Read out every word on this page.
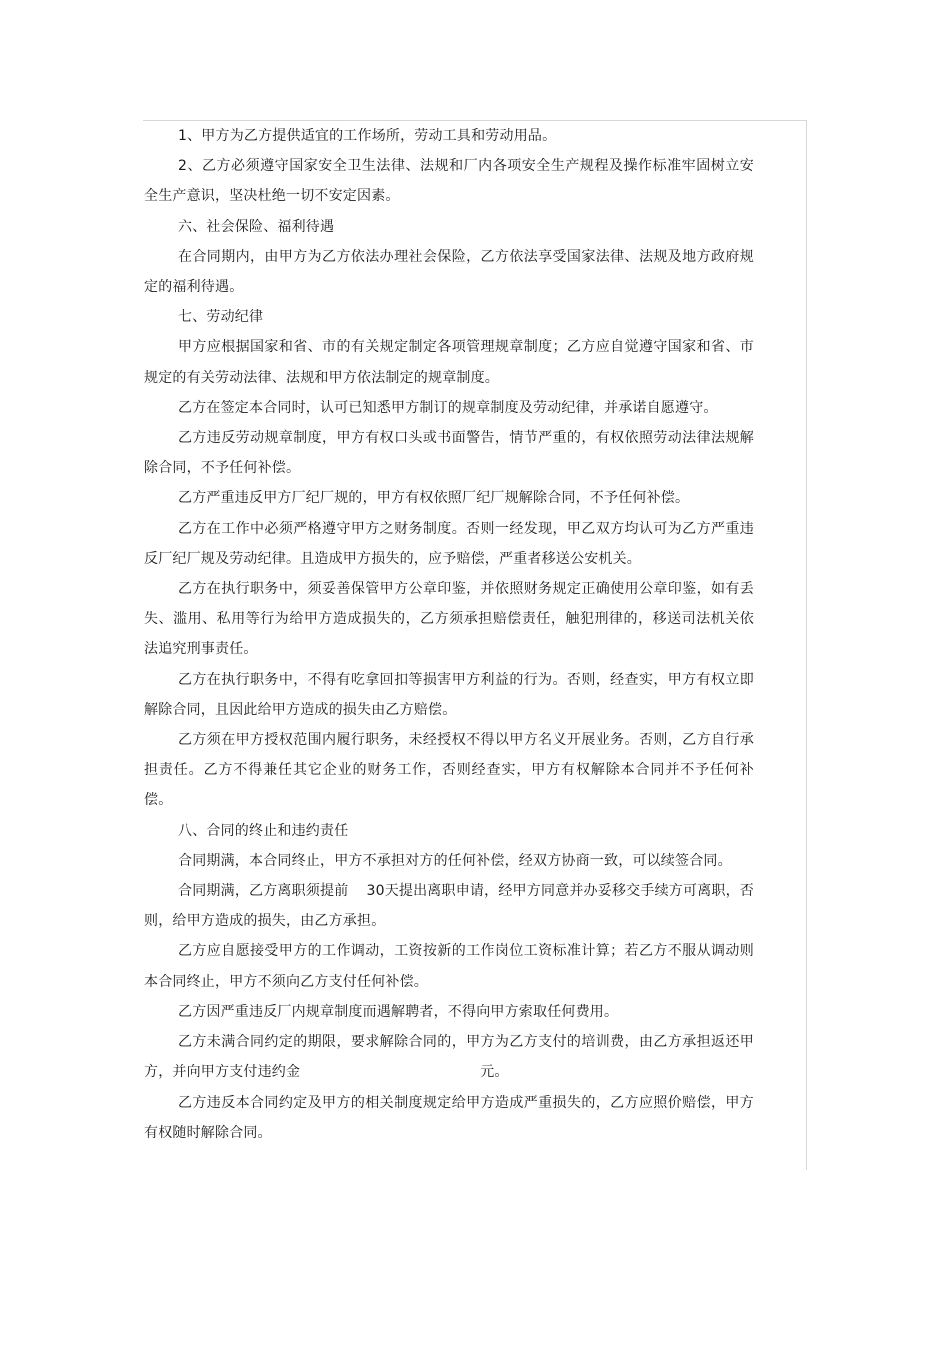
1、甲方为乙方提供适宜的工作场所，劳动工具和劳动用品。

2、乙方必须遵守国家安全卫生法律、法规和厂内各项安全生产规程及操作标准牢固树立安全生产意识，坚决杜绝一切不安定因素。

六、社会保险、福利待遇

在合同期内，由甲方为乙方依法办理社会保险，乙方依法享受国家法律、法规及地方政府规定的福利待遇。

七、劳动纪律

甲方应根据国家和省、市的有关规定制定各项管理规章制度；乙方应自觉遵守国家和省、市规定的有关劳动法律、法规和甲方依法制定的规章制度。

乙方在签定本合同时，认可已知悉甲方制订的规章制度及劳动纪律，并承诺自愿遵守。

乙方违反劳动规章制度，甲方有权口头或书面警告，情节严重的，有权依照劳动法律法规解除合同，不予任何补偿。

乙方严重违反甲方厂纪厂规的，甲方有权依照厂纪厂规解除合同，不予任何补偿。

乙方在工作中必须严格遵守甲方之财务制度。否则一经发现，甲乙双方均认可为乙方严重违反厂纪厂规及劳动纪律。且造成甲方损失的，应予赔偿，严重者移送公安机关。

乙方在执行职务中，须妥善保管甲方公章印鉴，并依照财务规定正确使用公章印鉴，如有丢失、滥用、私用等行为给甲方造成损失的，乙方须承担赔偿责任，触犯刑律的，移送司法机关依法追究刑事责任。

乙方在执行职务中，不得有吃拿回扣等损害甲方利益的行为。否则，经查实，甲方有权立即解除合同，且因此给甲方造成的损失由乙方赔偿。

乙方须在甲方授权范围内履行职务，未经授权不得以甲方名义开展业务。否则，乙方自行承担责任。乙方不得兼任其它企业的财务工作，否则经查实，甲方有权解除本合同并不予任何补偿。

八、合同的终止和违约责任

合同期满，本合同终止，甲方不承担对方的任何补偿，经双方协商一致，可以续签合同。

合同期满，乙方离职须提前 30天提出离职申请，经甲方同意并办妥移交手续方可离职，否则，给甲方造成的损失，由乙方承担。

乙方应自愿接受甲方的工作调动，工资按新的工作岗位工资标准计算；若乙方不服从调动则本合同终止，甲方不须向乙方支付任何补偿。

乙方因严重违反厂内规章制度而遇解聘者，不得向甲方索取任何费用。

乙方未满合同约定的期限，要求解除合同的，甲方为乙方支付的培训费，由乙方承担返还甲方，并向甲方支付违约金	元。

乙方违反本合同约定及甲方的相关制度规定给甲方造成严重损失的，乙方应照价赔偿，甲方有权随时解除合同。
